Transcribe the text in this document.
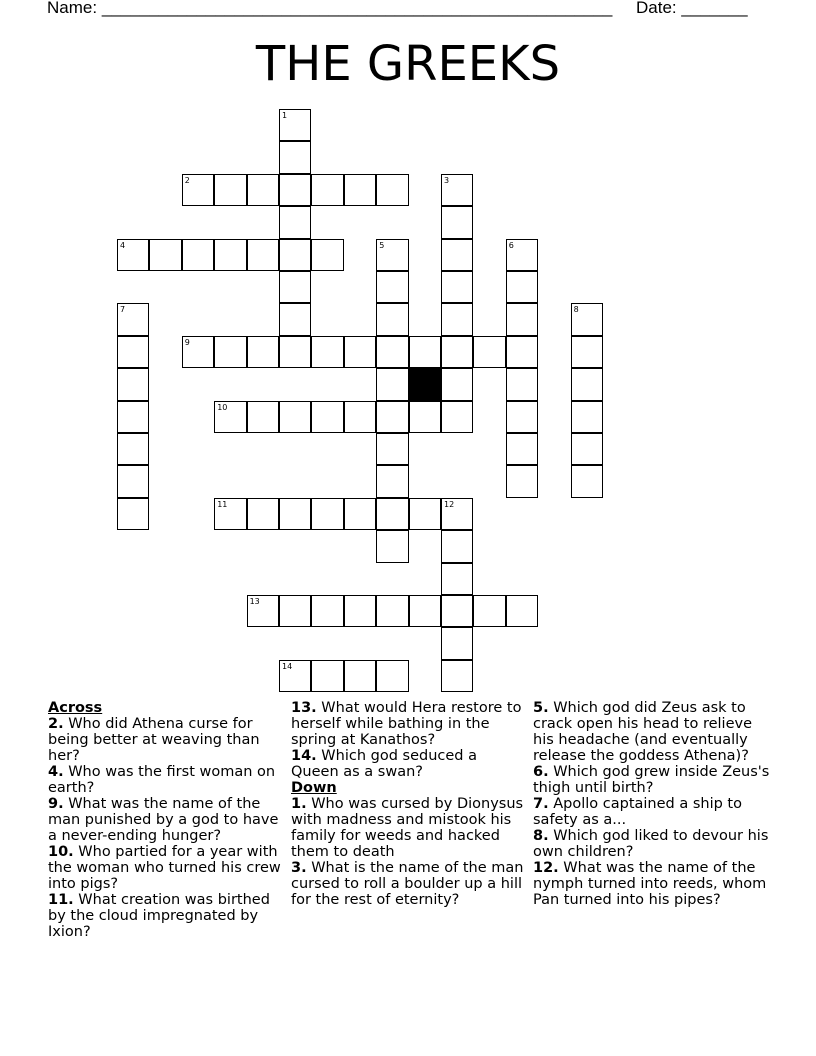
Name: ______________________________________________________ Date: _______
THE GREEKS
1
2	3
4	5	6
7	8
9
10
11	12
13
14
Across
2. Who did Athena curse for being better at weaving than her?
4. Who was the first woman on earth?
9. What was the name of the man punished by a god to have a never-ending hunger?
10. Who partied for a year with the woman who turned his crew into pigs?
11. What creation was birthed by the cloud impregnated by Ixion?
13. What would Hera restore to herself while bathing in the spring at Kanathos?
14. Which god seduced a Queen as a swan?
Down
1. Who was cursed by Dionysus with madness and mistook his family for weeds and hacked them to death
3. What is the name of the man cursed to roll a boulder up a hill for the rest of eternity?
5. Which god did Zeus ask to crack open his head to relieve his headache (and eventually release the goddess Athena)?
6. Which god grew inside Zeus's thigh until birth?
7. Apollo captained a ship to safety as a...
8. Which god liked to devour his own children?
12. What was the name of the nymph turned into reeds, whom Pan turned into his pipes?
